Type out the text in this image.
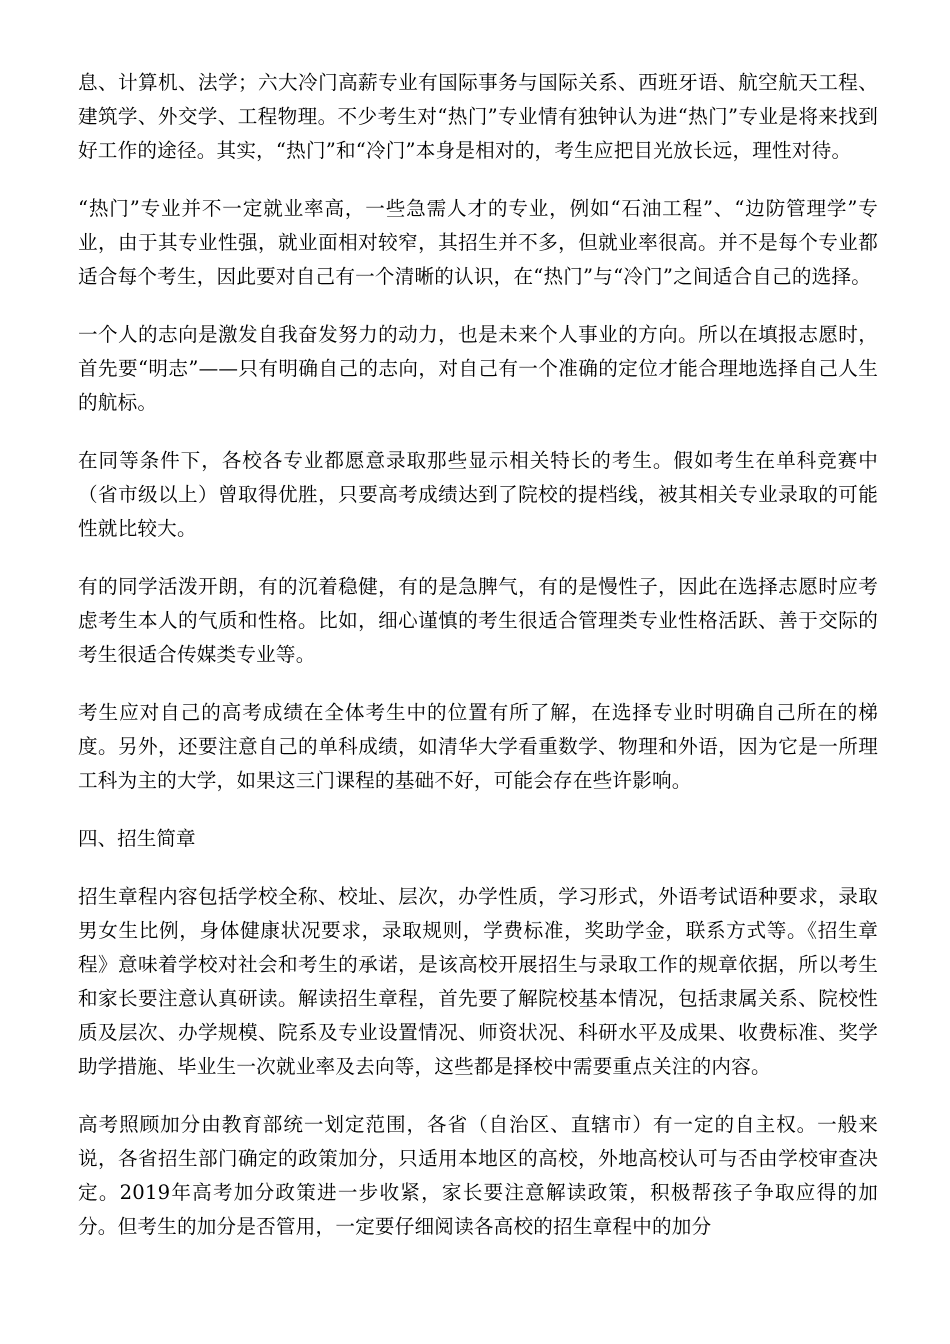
息、计算机、法学；六大冷门高薪专业有国际事务与国际关系、西班牙语、航空航天工程、建筑学、外交学、工程物理。不少考生对“热门”专业情有独钟认为进“热门”专业是将来找到好工作的途径。其实，“热门”和“冷门”本身是相对的，考生应把目光放长远，理性对待。

“热门”专业并不一定就业率高，一些急需人才的专业，例如“石油工程”、“边防管理学”专业，由于其专业性强，就业面相对较窄，其招生并不多，但就业率很高。并不是每个专业都适合每个考生，因此要对自己有一个清晰的认识，在“热门”与“冷门”之间适合自己的选择。

一个人的志向是激发自我奋发努力的动力，也是未来个人事业的方向。所以在填报志愿时，首先要“明志”——只有明确自己的志向，对自己有一个准确的定位才能合理地选择自己人生的航标。

在同等条件下，各校各专业都愿意录取那些显示相关特长的考生。假如考生在单科竞赛中（省市级以上）曾取得优胜，只要高考成绩达到了院校的提档线，被其相关专业录取的可能性就比较大。

有的同学活泼开朗，有的沉着稳健，有的是急脾气，有的是慢性子，因此在选择志愿时应考虑考生本人的气质和性格。比如，细心谨慎的考生很适合管理类专业性格活跃、善于交际的考生很适合传媒类专业等。

考生应对自己的高考成绩在全体考生中的位置有所了解，在选择专业时明确自己所在的梯度。另外，还要注意自己的单科成绩，如清华大学看重数学、物理和外语，因为它是一所理工科为主的大学，如果这三门课程的基础不好，可能会存在些许影响。

四、招生简章

招生章程内容包括学校全称、校址、层次，办学性质，学习形式，外语考试语种要求，录取男女生比例，身体健康状况要求，录取规则，学费标准，奖助学金，联系方式等。《招生章程》意味着学校对社会和考生的承诺，是该高校开展招生与录取工作的规章依据，所以考生和家长要注意认真研读。解读招生章程，首先要了解院校基本情况，包括隶属关系、院校性质及层次、办学规模、院系及专业设置情况、师资状况、科研水平及成果、收费标准、奖学助学措施、毕业生一次就业率及去向等，这些都是择校中需要重点关注的内容。

高考照顾加分由教育部统一划定范围，各省（自治区、直辖市）有一定的自主权。一般来说，各省招生部门确定的政策加分，只适用本地区的高校，外地高校认可与否由学校审查决定。2019年高考加分政策进一步收紧，家长要注意解读政策，积极帮孩子争取应得的加分。但考生的加分是否管用，一定要仔细阅读各高校的招生章程中的加分
